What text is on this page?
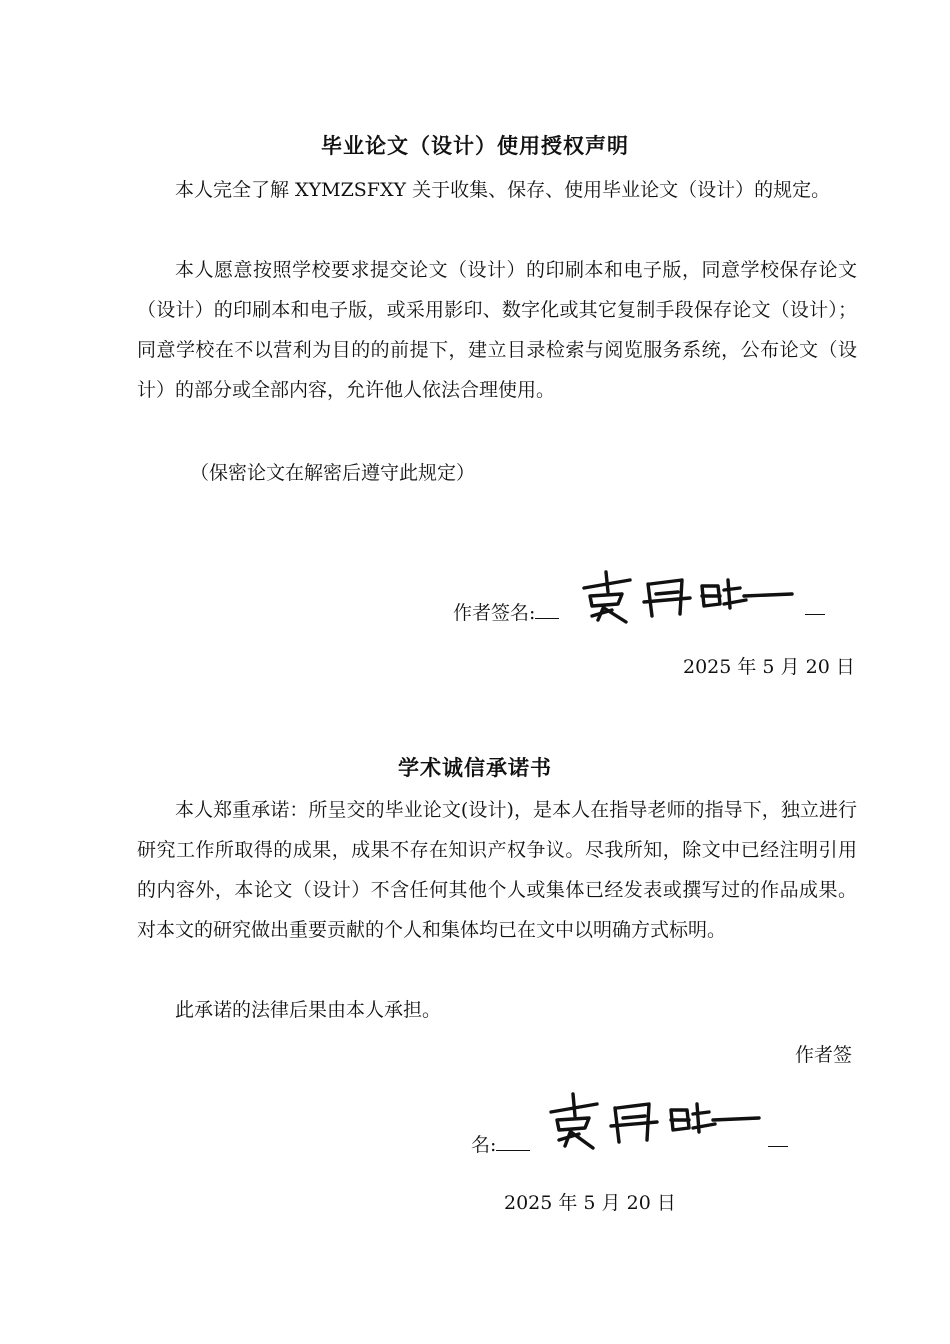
毕业论文（设计）使用授权声明

本人完全了解 XYMZSFXY 关于收集、保存、使用毕业论文（设计）的规定。

本人愿意按照学校要求提交论文（设计）的印刷本和电子版，同意学校保存论文（设计）的印刷本和电子版，或采用影印、数字化或其它复制手段保存论文（设计）；同意学校在不以营利为目的的前提下，建立目录检索与阅览服务系统，公布论文（设计）的部分或全部内容，允许他人依法合理使用。

（保密论文在解密后遵守此规定）
作者签名:
2025 年 5 月 20 日
学术诚信承诺书

本人郑重承诺：所呈交的毕业论文(设计)，是本人在指导老师的指导下，独立进行研究工作所取得的成果，成果不存在知识产权争议。尽我所知，除文中已经注明引用的内容外，本论文（设计）不含任何其他个人或集体已经发表或撰写过的作品成果。对本文的研究做出重要贡献的个人和集体均已在文中以明确方式标明。

此承诺的法律后果由本人承担。

作者签
名:
2025 年 5 月 20 日
